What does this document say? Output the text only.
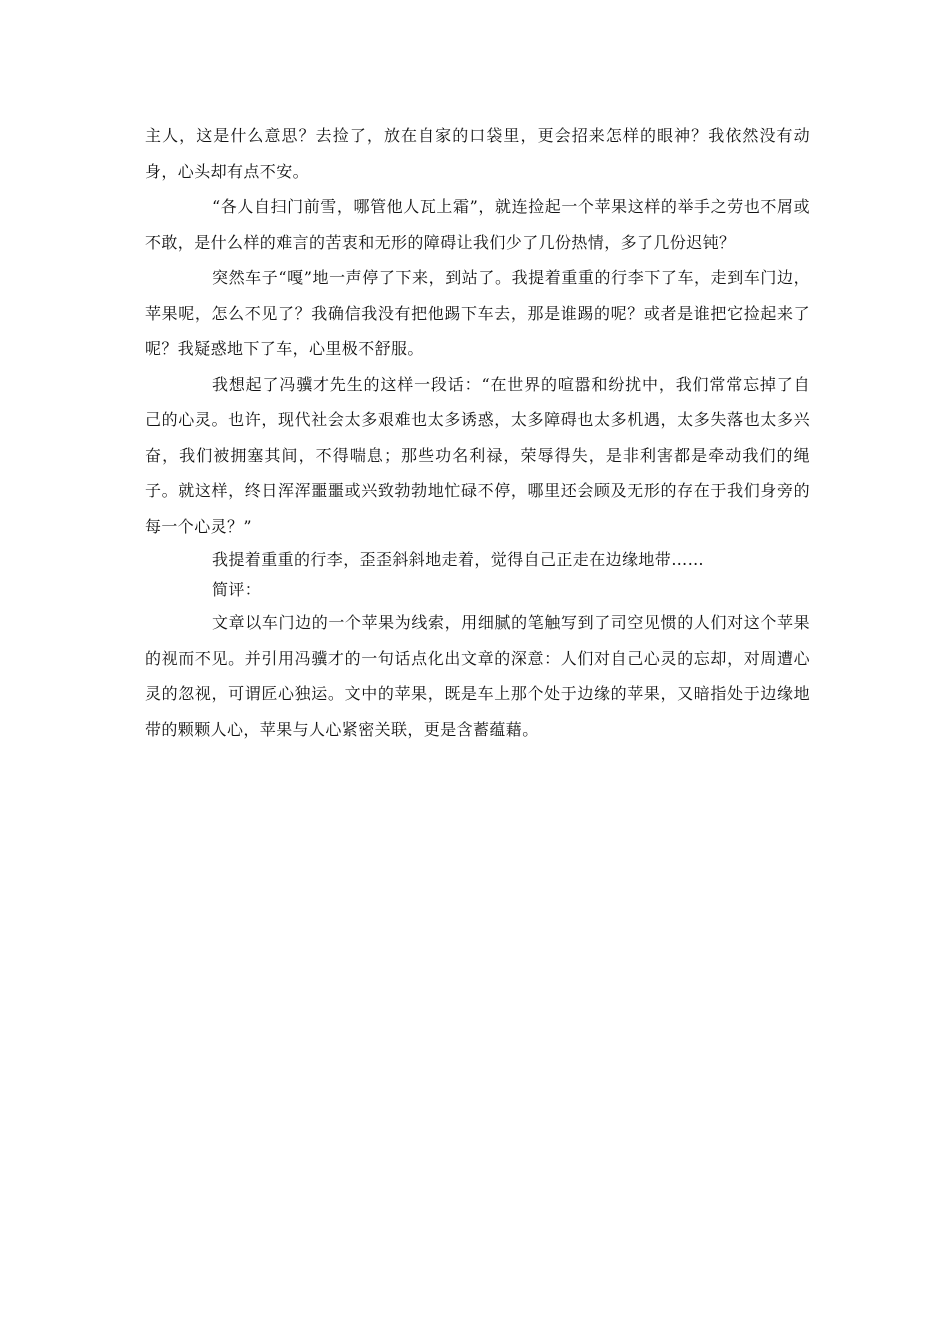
主人，这是什么意思？去捡了，放在自家的口袋里，更会招来怎样的眼神？我依然没有动身，心头却有点不安。

“各人自扫门前雪，哪管他人瓦上霜”，就连捡起一个苹果这样的举手之劳也不屑或不敢，是什么样的难言的苦衷和无形的障碍让我们少了几份热情，多了几份迟钝？

突然车子“嘎”地一声停了下来，到站了。我提着重重的行李下了车，走到车门边，苹果呢，怎么不见了？我确信我没有把他踢下车去，那是谁踢的呢？或者是谁把它捡起来了呢？我疑惑地下了车，心里极不舒服。

我想起了冯骥才先生的这样一段话：“在世界的喧嚣和纷扰中，我们常常忘掉了自己的心灵。也许，现代社会太多艰难也太多诱惑，太多障碍也太多机遇，太多失落也太多兴奋，我们被拥塞其间，不得喘息；那些功名利禄，荣辱得失，是非利害都是牵动我们的绳子。就这样，终日浑浑噩噩或兴致勃勃地忙碌不停，哪里还会顾及无形的存在于我们身旁的每一个心灵？”

我提着重重的行李，歪歪斜斜地走着，觉得自己正走在边缘地带……

简评：

文章以车门边的一个苹果为线索，用细腻的笔触写到了司空见惯的人们对这个苹果的视而不见。并引用冯骥才的一句话点化出文章的深意：人们对自己心灵的忘却，对周遭心灵的忽视，可谓匠心独运。文中的苹果，既是车上那个处于边缘的苹果，又暗指处于边缘地带的颗颗人心，苹果与人心紧密关联，更是含蓄蕴藉。
